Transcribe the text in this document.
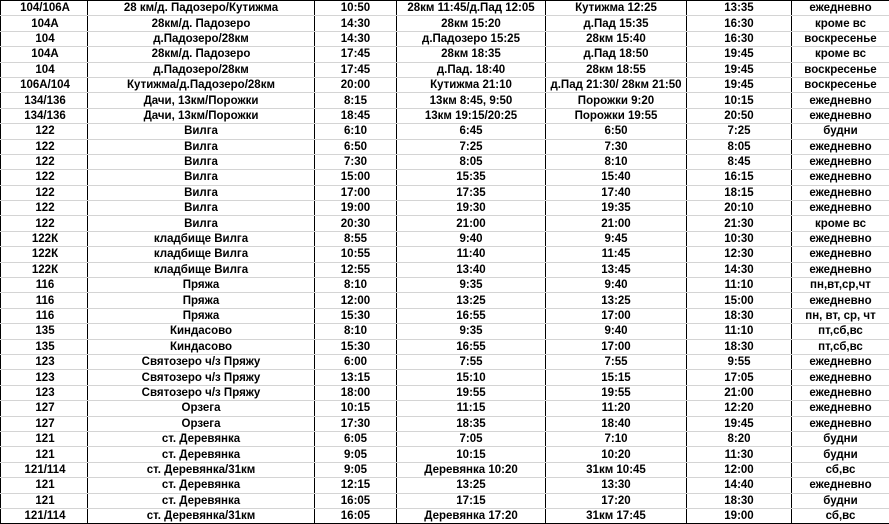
104/106А	28 км/д. Падозеро/Кутижма	10:50	28км 11:45/д.Пад 12:05	Кутижма 12:25	13:35	ежедневно
104А	28км/д. Падозеро	14:30	28км 15:20	д.Пад 15:35	16:30	кроме вс
104	д.Падозеро/28км	14:30	д.Падозеро 15:25	28км 15:40	16:30	воскресенье
104А	28км/д. Падозеро	17:45	28км 18:35	д.Пад 18:50	19:45	кроме вс
104	д.Падозеро/28км	17:45	д.Пад. 18:40	28км 18:55	19:45	воскресенье
106А/104	Кутижма/д.Падозеро/28км	20:00	Кутижма 21:10	д.Пад 21:30/ 28км 21:50	19:45	воскресенье
134/136	Дачи, 13км/Порожки	8:15	13км 8:45, 9:50	Порожки 9:20	10:15	ежедневно
134/136	Дачи, 13км/Порожки	18:45	13км 19:15/20:25	Порожки 19:55	20:50	ежедневно
122	Вилга	6:10	6:45	6:50	7:25	будни
122	Вилга	6:50	7:25	7:30	8:05	ежедневно
122	Вилга	7:30	8:05	8:10	8:45	ежедневно
122	Вилга	15:00	15:35	15:40	16:15	ежедневно
122	Вилга	17:00	17:35	17:40	18:15	ежедневно
122	Вилга	19:00	19:30	19:35	20:10	ежедневно
122	Вилга	20:30	21:00	21:00	21:30	кроме вс
122К	кладбище Вилга	8:55	9:40	9:45	10:30	ежедневно
122К	кладбище Вилга	10:55	11:40	11:45	12:30	ежедневно
122К	кладбище Вилга	12:55	13:40	13:45	14:30	ежедневно
116	Пряжа	8:10	9:35	9:40	11:10	пн,вт,ср,чт
116	Пряжа	12:00	13:25	13:25	15:00	ежедневно
116	Пряжа	15:30	16:55	17:00	18:30	пн, вт, ср, чт
135	Киндасово	8:10	9:35	9:40	11:10	пт,сб,вс
135	Киндасово	15:30	16:55	17:00	18:30	пт,сб,вс
123	Святозеро ч/з Пряжу	6:00	7:55	7:55	9:55	ежедневно
123	Святозеро ч/з Пряжу	13:15	15:10	15:15	17:05	ежедневно
123	Святозеро ч/з Пряжу	18:00	19:55	19:55	21:00	ежедневно
127	Орзега	10:15	11:15	11:20	12:20	ежедневно
127	Орзега	17:30	18:35	18:40	19:45	ежедневно
121	ст. Деревянка	6:05	7:05	7:10	8:20	будни
121	ст. Деревянка	9:05	10:15	10:20	11:30	будни
121/114	ст. Деревянка/31км	9:05	Деревянка 10:20	31км 10:45	12:00	сб,вс
121	ст. Деревянка	12:15	13:25	13:30	14:40	ежедневно
121	ст. Деревянка	16:05	17:15	17:20	18:30	будни
121/114	ст. Деревянка/31км	16:05	Деревянка 17:20	31км 17:45	19:00	сб,вс
